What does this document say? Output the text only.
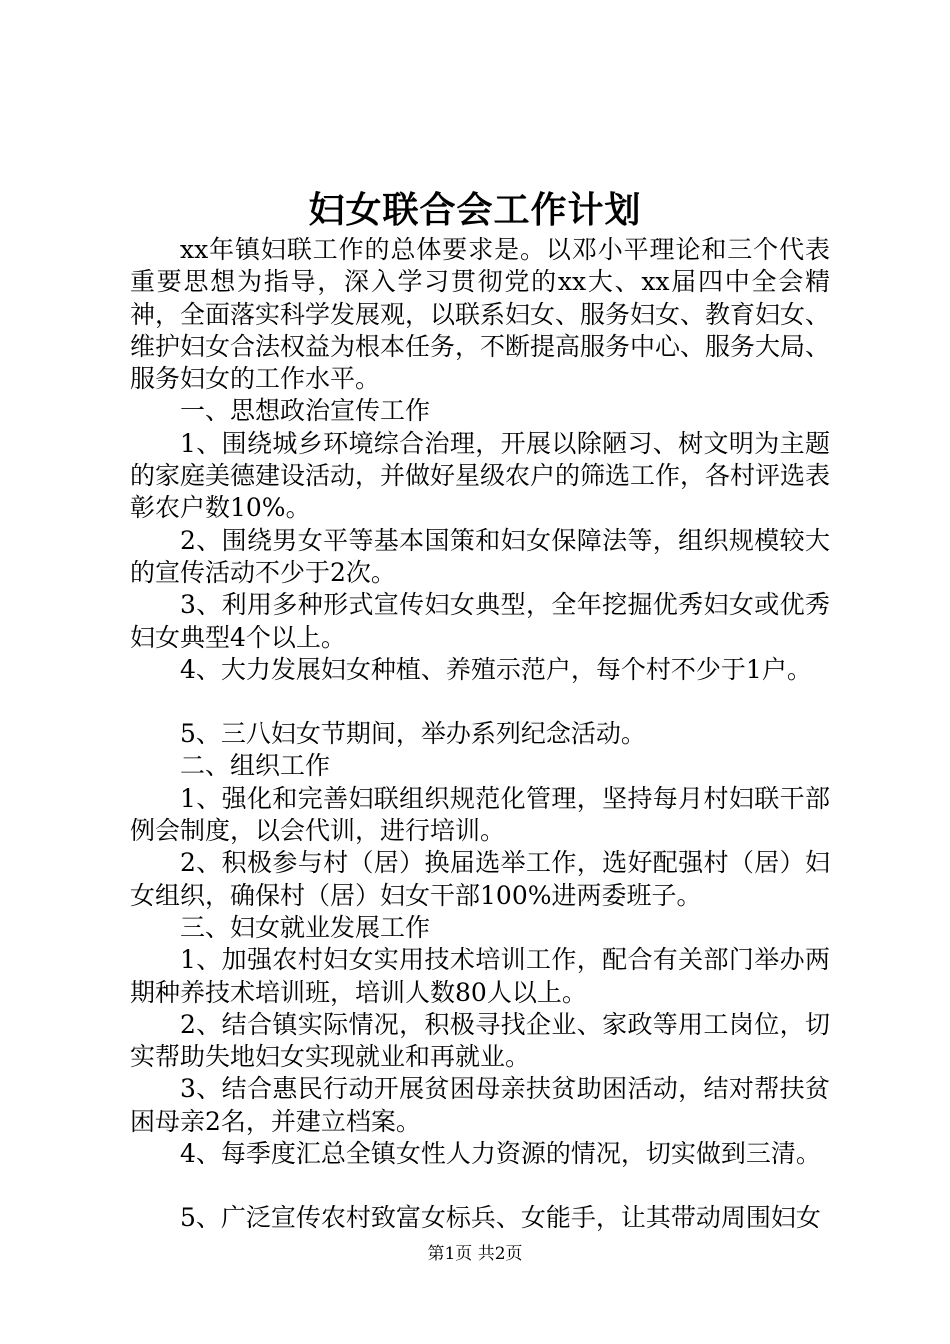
妇女联合会工作计划

xx年镇妇联工作的总体要求是。以邓小平理论和三个代表重要思想为指导，深入学习贯彻党的xx大、xx届四中全会精神，全面落实科学发展观，以联系妇女、服务妇女、教育妇女、维护妇女合法权益为根本任务，不断提高服务中心、服务大局、服务妇女的工作水平。

一、思想政治宣传工作

1、围绕城乡环境综合治理，开展以除陋习、树文明为主题的家庭美德建设活动，并做好星级农户的筛选工作，各村评选表彰农户数10%。

2、围绕男女平等基本国策和妇女保障法等，组织规模较大的宣传活动不少于2次。

3、利用多种形式宣传妇女典型，全年挖掘优秀妇女或优秀妇女典型4个以上。

4、大力发展妇女种植、养殖示范户，每个村不少于1户。

5、三八妇女节期间，举办系列纪念活动。

二、组织工作

1、强化和完善妇联组织规范化管理，坚持每月村妇联干部例会制度，以会代训，进行培训。

2、积极参与村（居）换届选举工作，选好配强村（居）妇女组织，确保村（居）妇女干部100%进两委班子。

三、妇女就业发展工作

1、加强农村妇女实用技术培训工作，配合有关部门举办两期种养技术培训班，培训人数80人以上。

2、结合镇实际情况，积极寻找企业、家政等用工岗位，切实帮助失地妇女实现就业和再就业。

3、结合惠民行动开展贫困母亲扶贫助困活动，结对帮扶贫困母亲2名，并建立档案。

4、每季度汇总全镇女性人力资源的情况，切实做到三清。

5、广泛宣传农村致富女标兵、女能手，让其带动周围妇女

第1页 共2页
